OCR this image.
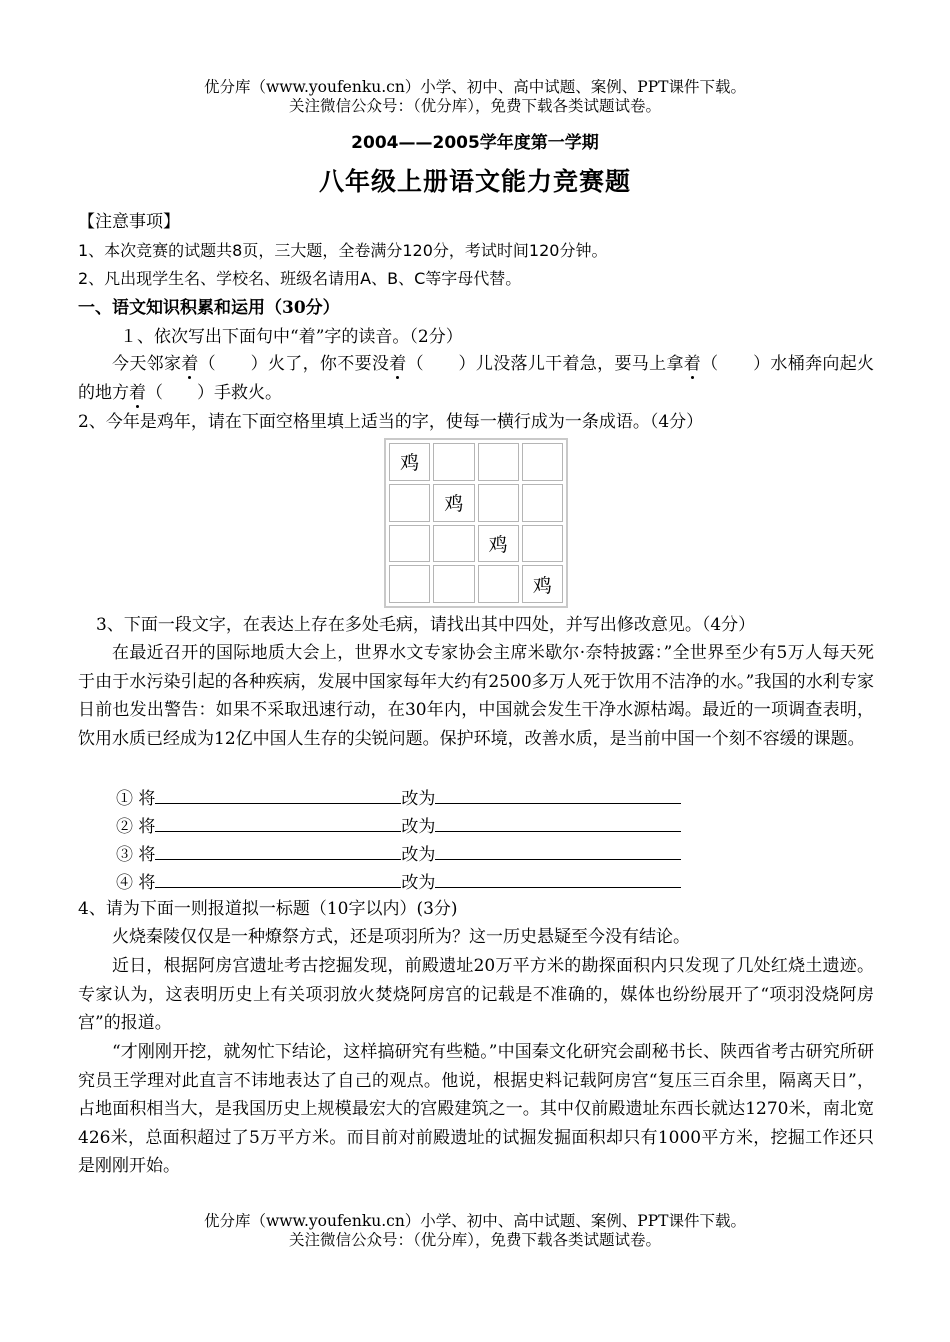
优分库（www.youfenku.cn）小学、初中、高中试题、案例、PPT课件下载。
关注微信公众号：（优分库），免费下载各类试题试卷。
2004——2005学年度第一学期
八年级上册语文能力竞赛题
【注意事项】
1、本次竞赛的试题共8页，三大题，全卷满分120分，考试时间120分钟。
2、凡出现学生名、学校名、班级名请用A、B、C等字母代替。
一、语文知识积累和运用（30分）
１、依次写出下面句中“着”字的读音。（2分）
今天邻家着（　　）火了，你不要没着（　　）儿没落儿干着急，要马上拿着（　　）水桶奔向起火的地方着（　　）手救火。
2、今年是鸡年，请在下面空格里填上适当的字，使每一横行成为一条成语。（4分）
鸡			
	鸡		
		鸡	
			鸡
3、下面一段文字，在表达上存在多处毛病，请找出其中四处，并写出修改意见。（4分）
在最近召开的国际地质大会上，世界水文专家协会主席米歇尔·奈特披露：”全世界至少有5万人每天死于由于水污染引起的各种疾病，发展中国家每年大约有2500多万人死于饮用不洁净的水。”我国的水利专家日前也发出警告：如果不采取迅速行动，在30年内，中国就会发生干净水源枯竭。最近的一项调查表明，饮用水质已经成为12亿中国人生存的尖锐问题。保护环境，改善水质，是当前中国一个刻不容缓的课题。
① 将	改为
② 将	改为
③ 将	改为
④ 将	改为
4、请为下面一则报道拟一标题（10字以内）(3分)
火烧秦陵仅仅是一种燎祭方式，还是项羽所为？这一历史悬疑至今没有结论。
近日，根据阿房宫遗址考古挖掘发现，前殿遗址20万平方米的勘探面积内只发现了几处红烧土遗迹。专家认为，这表明历史上有关项羽放火焚烧阿房宫的记载是不准确的，媒体也纷纷展开了“项羽没烧阿房宫”的报道。
“才刚刚开挖，就匆忙下结论，这样搞研究有些糙。”中国秦文化研究会副秘书长、陕西省考古研究所研究员王学理对此直言不讳地表达了自己的观点。他说，根据史料记载阿房宫“复压三百余里，隔离天日”，占地面积相当大，是我国历史上规模最宏大的宫殿建筑之一。其中仅前殿遗址东西长就达1270米，南北宽426米，总面积超过了5万平方米。而目前对前殿遗址的试掘发掘面积却只有1000平方米，挖掘工作还只是刚刚开始。
优分库（www.youfenku.cn）小学、初中、高中试题、案例、PPT课件下载。
关注微信公众号：（优分库），免费下载各类试题试卷。
